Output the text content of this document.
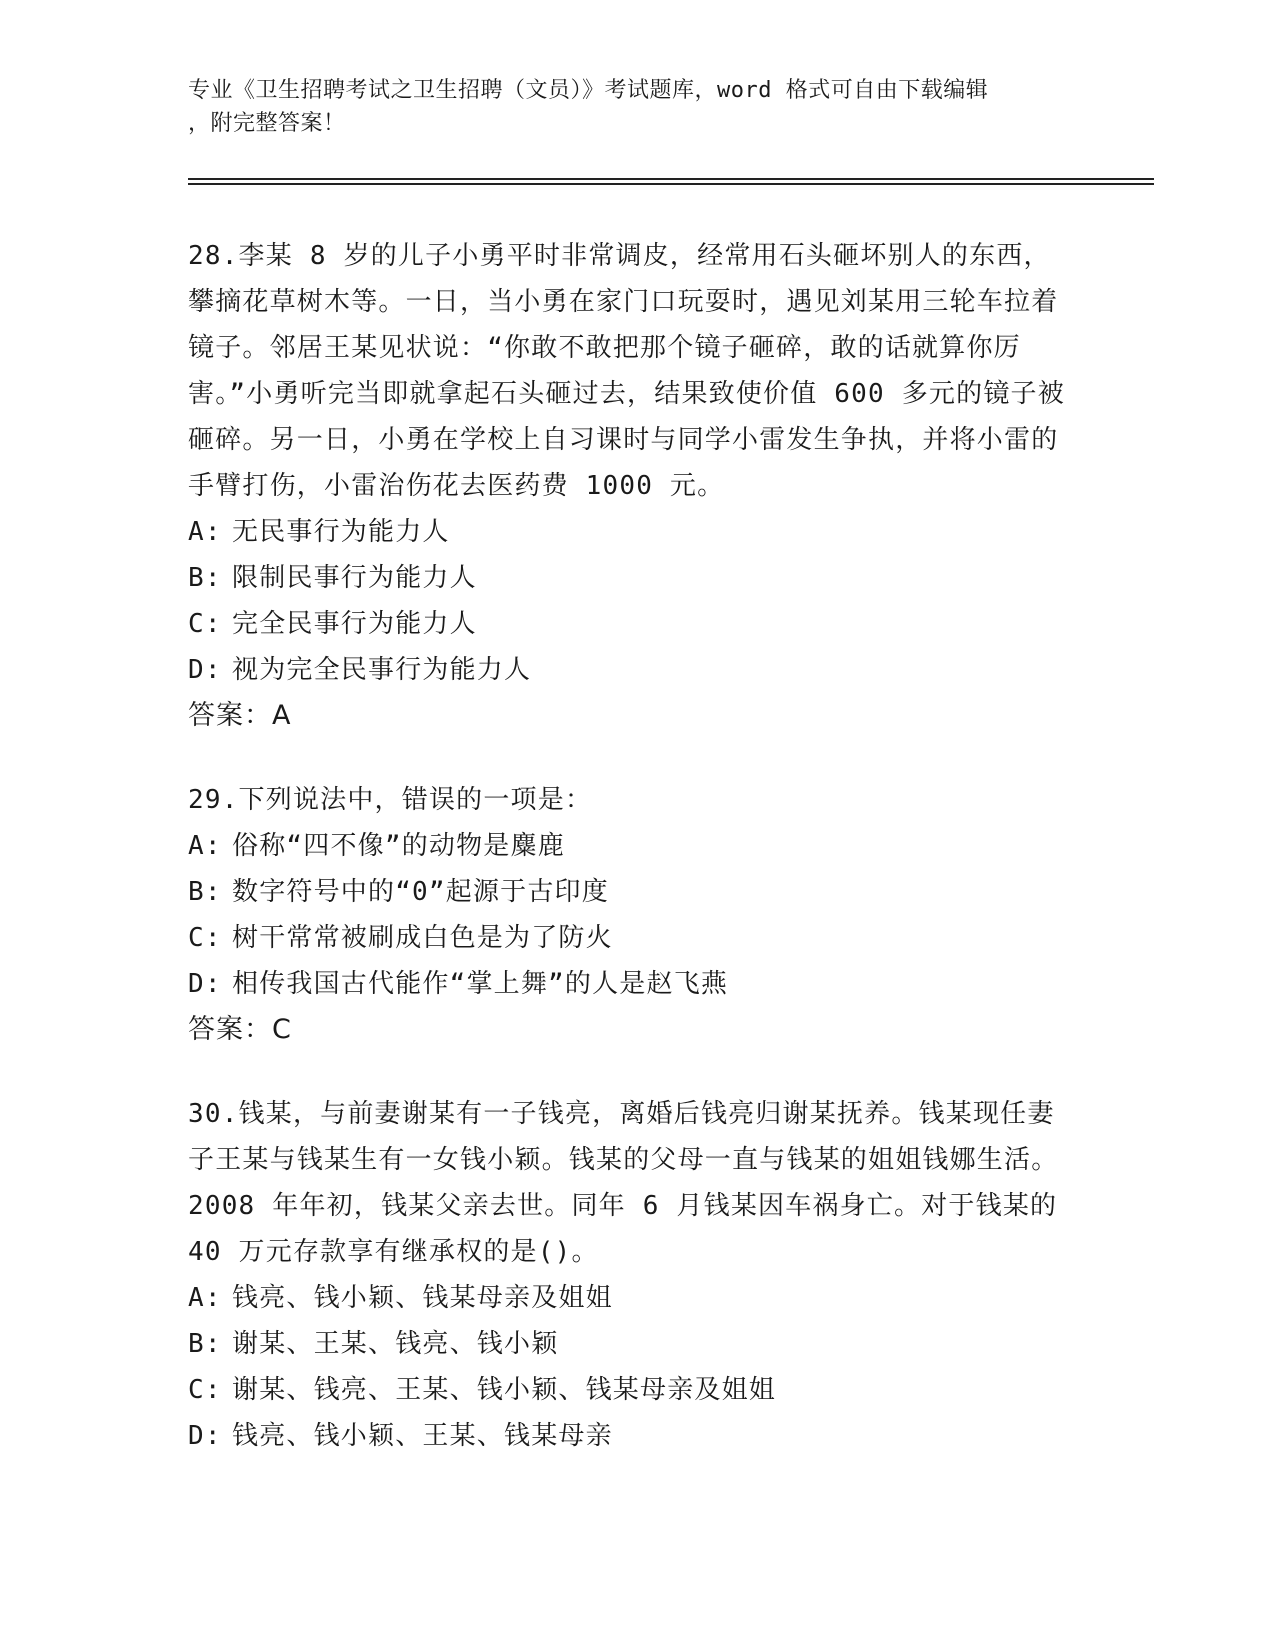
专业《卫生招聘考试之卫生招聘（文员）》考试题库，word 格式可自由下载编辑
，附完整答案！
28.李某 8 岁的儿子小勇平时非常调皮，经常用石头砸坏别人的东西，攀摘花草树木等。一日，当小勇在家门口玩耍时，遇见刘某用三轮车拉着镜子。邻居王某见状说：“你敢不敢把那个镜子砸碎，敢的话就算你厉害。”小勇听完当即就拿起石头砸过去，结果致使价值 600 多元的镜子被砸碎。另一日，小勇在学校上自习课时与同学小雷发生争执，并将小雷的手臂打伤，小雷治伤花去医药费 1000 元。
A: 无民事行为能力人
B: 限制民事行为能力人
C: 完全民事行为能力人
D: 视为完全民事行为能力人
答案：A
29.下列说法中，错误的一项是：
A: 俗称“四不像”的动物是麋鹿
B: 数字符号中的“0”起源于古印度
C: 树干常常被刷成白色是为了防火
D: 相传我国古代能作“掌上舞”的人是赵飞燕
答案：C
30.钱某，与前妻谢某有一子钱亮，离婚后钱亮归谢某抚养。钱某现任妻子王某与钱某生有一女钱小颖。钱某的父母一直与钱某的姐姐钱娜生活。2008 年年初，钱某父亲去世。同年 6 月钱某因车祸身亡。对于钱某的 40 万元存款享有继承权的是()。
A: 钱亮、钱小颖、钱某母亲及姐姐
B: 谢某、王某、钱亮、钱小颖
C: 谢某、钱亮、王某、钱小颖、钱某母亲及姐姐
D: 钱亮、钱小颖、王某、钱某母亲
